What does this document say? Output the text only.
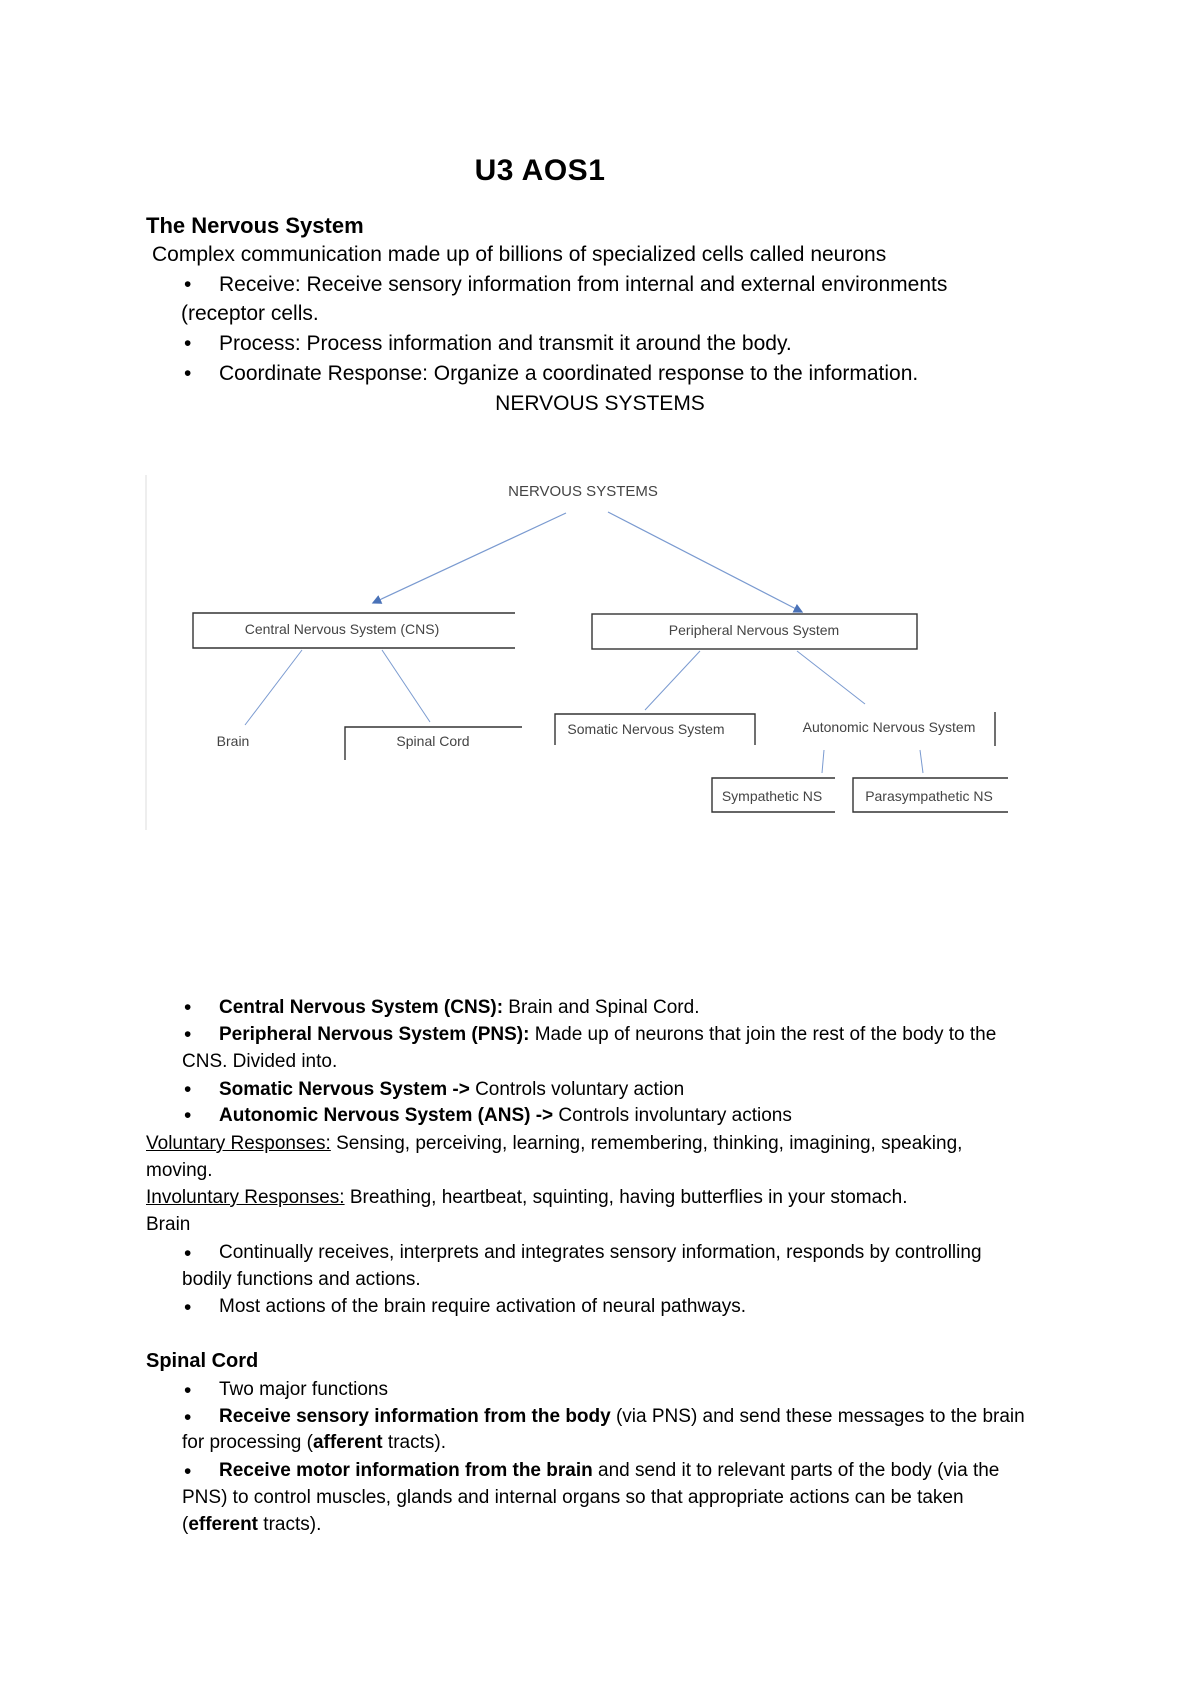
U3 AOS1
The Nervous System
Complex communication made up of billions of specialized cells called neurons
• Receive: Receive sensory information from internal and external environments
(receptor cells.
• Process: Process information and transmit it around the body.
• Coordinate Response: Organize a coordinated response to the information.
NERVOUS SYSTEMS
NERVOUS SYSTEMS
Central Nervous System (CNS)	Peripheral Nervous System
Brain	Spinal Cord
Somatic Nervous System	Autonomic Nervous System
Sympathetic NS	Parasympathetic NS
• Central Nervous System (CNS): Brain and Spinal Cord.
• Peripheral Nervous System (PNS): Made up of neurons that join the rest of the body to the
CNS. Divided into.
• Somatic Nervous System -> Controls voluntary action
• Autonomic Nervous System (ANS) -> Controls involuntary actions
Voluntary Responses: Sensing, perceiving, learning, remembering, thinking, imagining, speaking,
moving.
Involuntary Responses: Breathing, heartbeat, squinting, having butterflies in your stomach.
Brain
• Continually receives, interprets and integrates sensory information, responds by controlling
bodily functions and actions.
• Most actions of the brain require activation of neural pathways.
Spinal Cord
• Two major functions
• Receive sensory information from the body (via PNS) and send these messages to the brain
for processing (afferent tracts).
• Receive motor information from the brain and send it to relevant parts of the body (via the
PNS) to control muscles, glands and internal organs so that appropriate actions can be taken
(efferent tracts).
